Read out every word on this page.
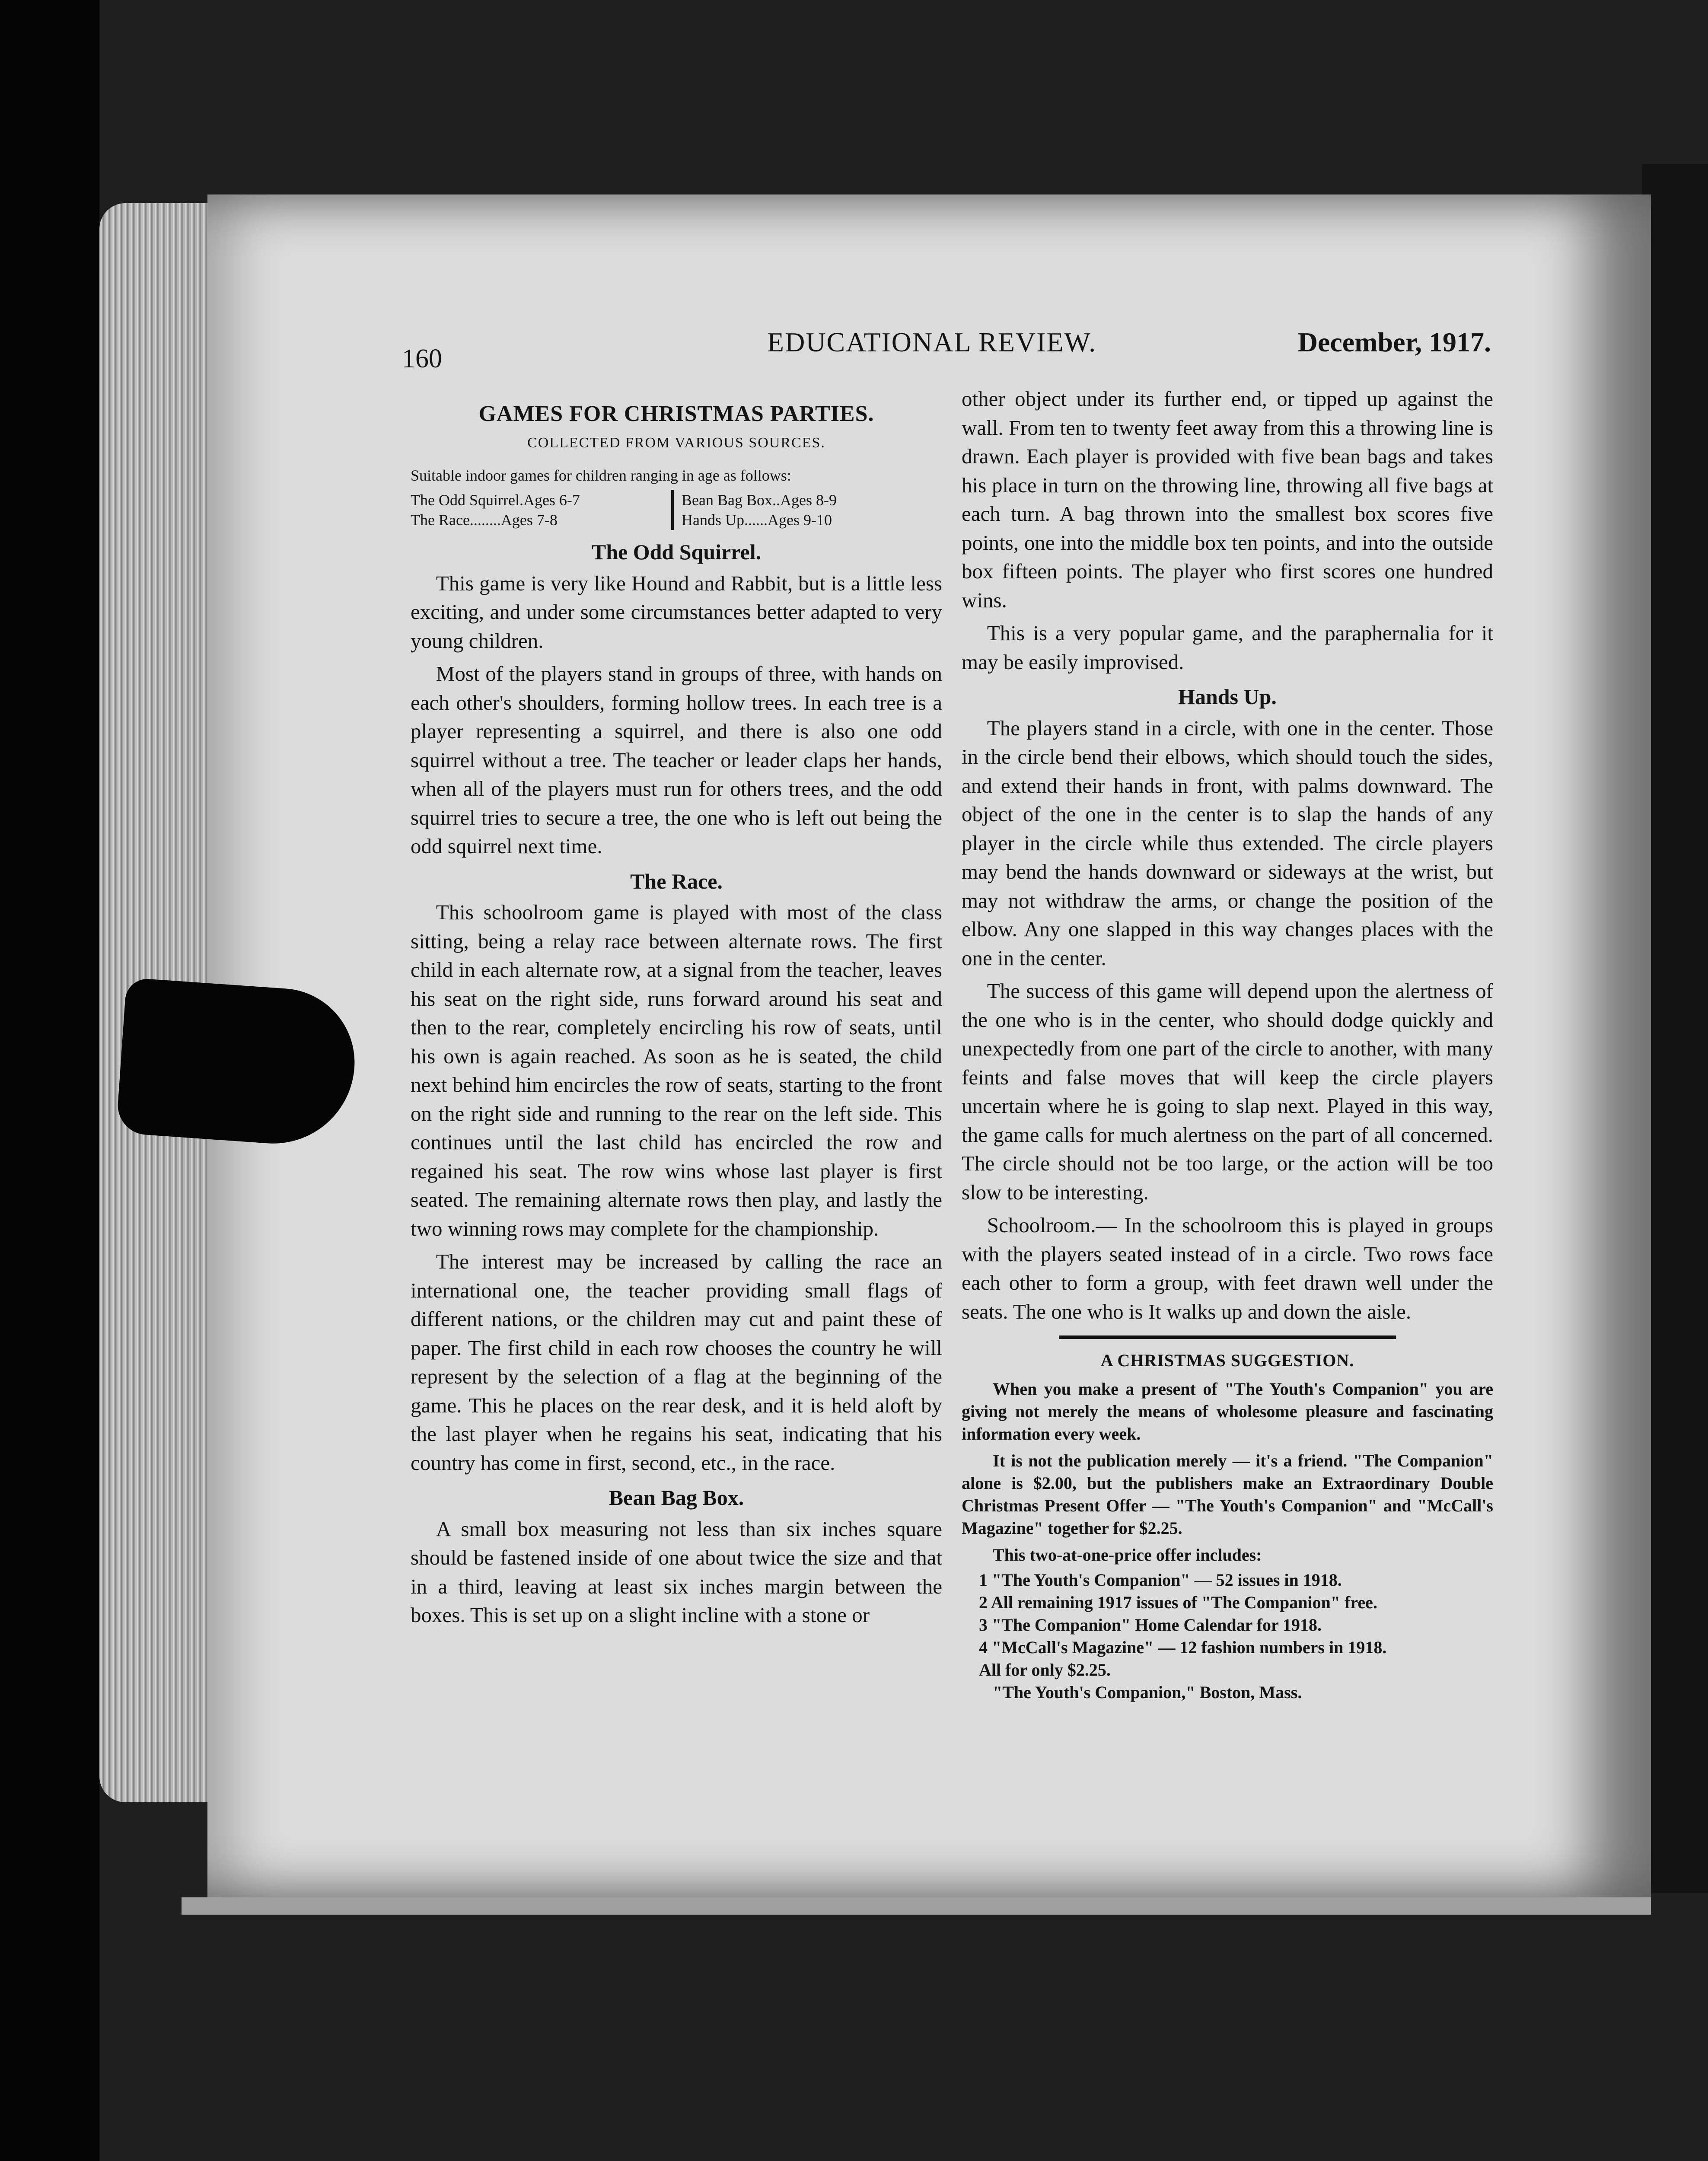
160
EDUCATIONAL REVIEW.	December, 1917.
GAMES FOR CHRISTMAS PARTIES.
COLLECTED FROM VARIOUS SOURCES.
Suitable indoor games for children ranging in age as follows:
The Odd Squirrel.Ages 6-7
The Race........Ages 7-8
Bean Bag Box..Ages 8-9
Hands Up......Ages 9-10
The Odd Squirrel.

This game is very like Hound and Rabbit, but is a little less exciting, and under some circumstances better adapted to very young children.

Most of the players stand in groups of three, with hands on each other's shoulders, forming hollow trees. In each tree is a player representing a squirrel, and there is also one odd squirrel without a tree. The teacher or leader claps her hands, when all of the players must run for others trees, and the odd squirrel tries to secure a tree, the one who is left out being the odd squirrel next time.

The Race.

This schoolroom game is played with most of the class sitting, being a relay race between alternate rows. The first child in each alternate row, at a signal from the teacher, leaves his seat on the right side, runs forward around his seat and then to the rear, completely encircling his row of seats, until his own is again reached. As soon as he is seated, the child next behind him encircles the row of seats, starting to the front on the right side and running to the rear on the left side. This continues until the last child has encircled the row and regained his seat. The row wins whose last player is first seated. The remaining alternate rows then play, and lastly the two winning rows may complete for the championship.

The interest may be increased by calling the race an international one, the teacher providing small flags of different nations, or the children may cut and paint these of paper. The first child in each row chooses the country he will represent by the selection of a flag at the beginning of the game. This he places on the rear desk, and it is held aloft by the last player when he regains his seat, indicating that his country has come in first, second, etc., in the race.

Bean Bag Box.

A small box measuring not less than six inches square should be fastened inside of one about twice the size and that in a third, leaving at least six inches margin between the boxes. This is set up on a slight incline with a stone or

other object under its further end, or tipped up against the wall. From ten to twenty feet away from this a throwing line is drawn. Each player is provided with five bean bags and takes his place in turn on the throwing line, throwing all five bags at each turn. A bag thrown into the smallest box scores five points, one into the middle box ten points, and into the outside box fifteen points. The player who first scores one hundred wins.

This is a very popular game, and the paraphernalia for it may be easily improvised.

Hands Up.

The players stand in a circle, with one in the center. Those in the circle bend their elbows, which should touch the sides, and extend their hands in front, with palms downward. The object of the one in the center is to slap the hands of any player in the circle while thus extended. The circle players may bend the hands downward or sideways at the wrist, but may not withdraw the arms, or change the position of the elbow. Any one slapped in this way changes places with the one in the center.

The success of this game will depend upon the alertness of the one who is in the center, who should dodge quickly and unexpectedly from one part of the circle to another, with many feints and false moves that will keep the circle players uncertain where he is going to slap next. Played in this way, the game calls for much alertness on the part of all concerned. The circle should not be too large, or the action will be too slow to be interesting.

Schoolroom.— In the schoolroom this is played in groups with the players seated instead of in a circle. Two rows face each other to form a group, with feet drawn well under the seats. The one who is It walks up and down the aisle.

A CHRISTMAS SUGGESTION.

When you make a present of "The Youth's Companion" you are giving not merely the means of wholesome pleasure and fascinating information every week.

It is not the publication merely — it's a friend. "The Companion" alone is $2.00, but the publishers make an Extraordinary Double Christmas Present Offer — "The Youth's Companion" and "McCall's Magazine" together for $2.25.

This two-at-one-price offer includes:

1 "The Youth's Companion" — 52 issues in 1918.
2 All remaining 1917 issues of "The Companion" free.
3 "The Companion" Home Calendar for 1918.
4 "McCall's Magazine" — 12 fashion numbers in 1918.
All for only $2.25.

"The Youth's Companion," Boston, Mass.
